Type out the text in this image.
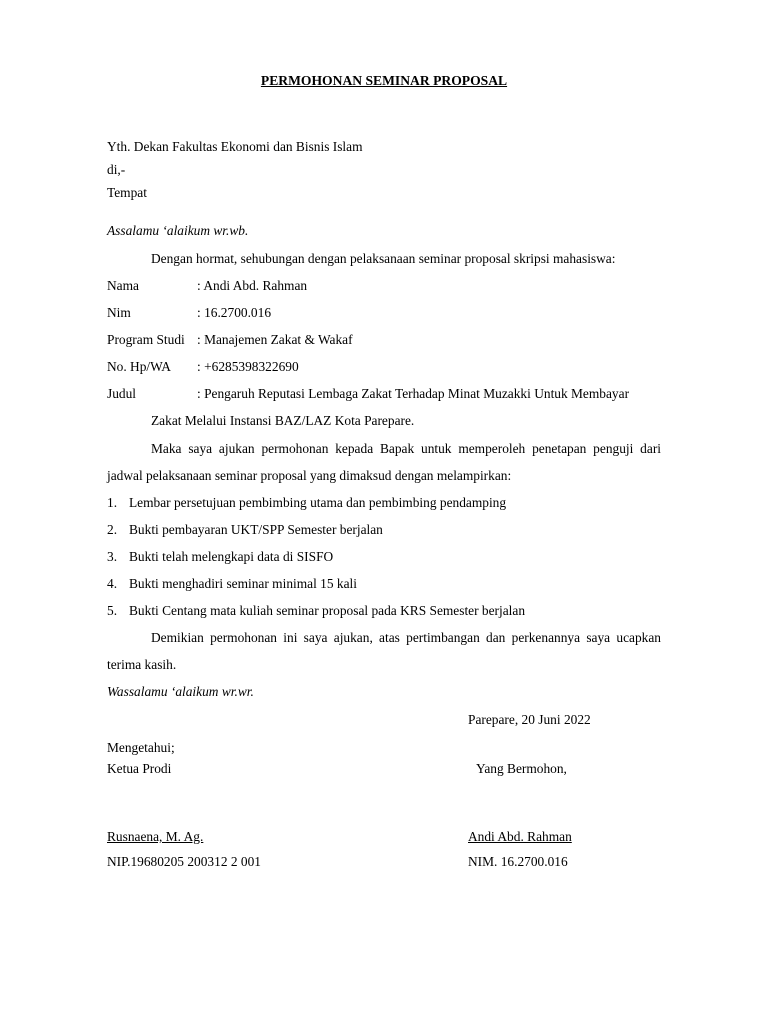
PERMOHONAN SEMINAR PROPOSAL
Yth. Dekan Fakultas Ekonomi dan Bisnis Islam
di,-
Tempat
Assalamu ‘alaikum wr.wb.
Dengan hormat, sehubungan dengan pelaksanaan seminar proposal skripsi mahasiswa:
Nama	: Andi Abd. Rahman
Nim	: 16.2700.016
Program Studi : Manajemen Zakat & Wakaf
No. Hp/WA : +6285398322690
Judul	: Pengaruh Reputasi Lembaga Zakat Terhadap Minat Muzakki Untuk Membayar
Zakat Melalui Instansi BAZ/LAZ Kota Parepare.
Maka saya ajukan permohonan kepada Bapak untuk memperoleh penetapan penguji dari
jadwal pelaksanaan seminar proposal yang dimaksud dengan melampirkan:
1. Lembar persetujuan pembimbing utama dan pembimbing pendamping
2. Bukti pembayaran UKT/SPP Semester berjalan
3. Bukti telah melengkapi data di SISFO
4. Bukti menghadiri seminar minimal 15 kali
5. Bukti Centang mata kuliah seminar proposal pada KRS Semester berjalan
Demikian permohonan ini saya ajukan, atas pertimbangan dan perkenannya saya ucapkan
terima kasih.
Wassalamu ‘alaikum wr.wr.
Parepare, 20 Juni 2022
Mengetahui;
Ketua Prodi	Yang Bermohon,
Rusnaena, M. Ag.
NIP.19680205 200312 2 001
Andi Abd. Rahman
NIM. 16.2700.016
